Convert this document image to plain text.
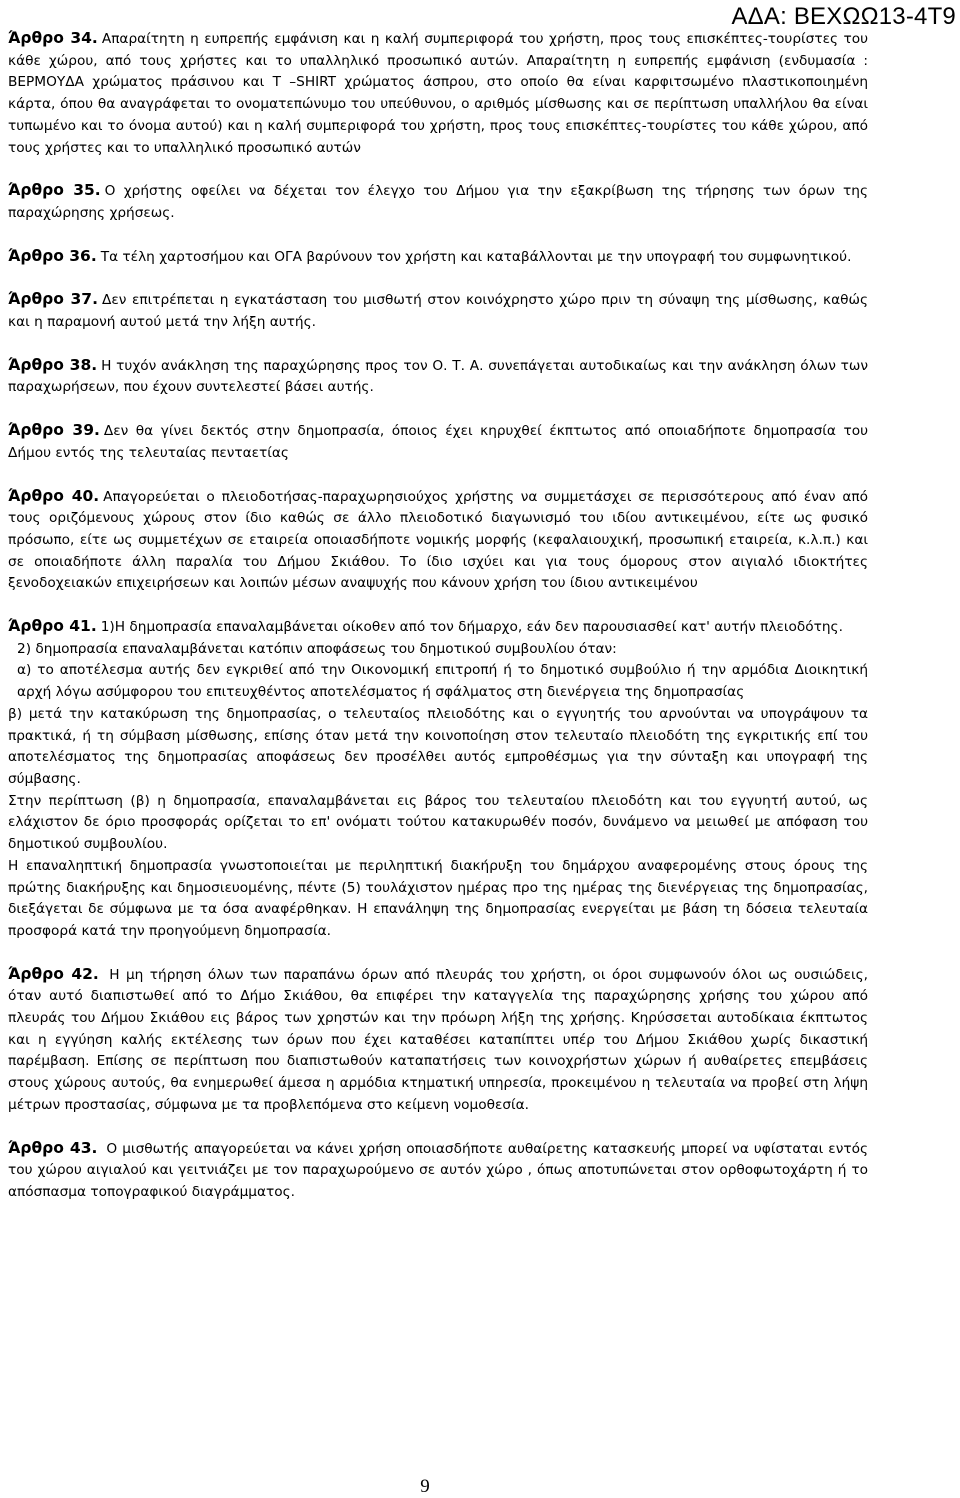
ΑΔΑ: ΒΕΧΩΩ13-4Τ9

Άρθρο 34. Απαραίτητη η ευπρεπής εμφάνιση και η καλή συμπεριφορά του χρήστη, προς τους επισκέπτες-τουρίστες του κάθε χώρου, από τους χρήστες και το υπαλληλικό προσωπικό αυτών. Απαραίτητη η ευπρεπής εμφάνιση (ενδυμασία : ΒΕΡΜΟΥΔΑ χρώματος πράσινου και Τ –SHIRT χρώματος άσπρου, στο οποίο θα είναι καρφιτσωμένο πλαστικοποιημένη κάρτα, όπου θα αναγράφεται το ονοματεπώνυμο του υπεύθυνου, ο αριθμός μίσθωσης και σε περίπτωση υπαλλήλου θα είναι τυπωμένο και το όνομα αυτού) και η καλή συμπεριφορά του χρήστη, προς τους επισκέπτες-τουρίστες του κάθε χώρου, από τους χρήστες και το υπαλληλικό προσωπικό αυτών

Άρθρο 35. Ο χρήστης οφείλει να δέχεται τον έλεγχο του Δήμου για την εξακρίβωση της τήρησης των όρων της παραχώρησης χρήσεως.

Άρθρο 36. Τα τέλη χαρτοσήμου και ΟΓΑ βαρύνουν τον χρήστη και καταβάλλονται με την υπογραφή του συμφωνητικού.

Άρθρο 37. Δεν επιτρέπεται η εγκατάσταση του μισθωτή στον κοινόχρηστο χώρο πριν τη σύναψη της μίσθωσης, καθώς και η παραμονή αυτού μετά την λήξη αυτής.

Άρθρο 38. Η τυχόν ανάκληση της παραχώρησης προς τον Ο. Τ. Α. συνεπάγεται αυτοδικαίως και την ανάκληση όλων των παραχωρήσεων, που έχουν συντελεστεί βάσει αυτής.

Άρθρο 39. Δεν θα γίνει δεκτός στην δημοπρασία, όποιος έχει κηρυχθεί έκπτωτος από οποιαδήποτε δημοπρασία του Δήμου εντός της τελευταίας πενταετίας

Άρθρο 40. Απαγορεύεται ο πλειοδοτήσας-παραχωρησιούχος χρήστης να συμμετάσχει σε περισσότερους από έναν από τους οριζόμενους χώρους στον ίδιο καθώς σε άλλο πλειοδοτικό διαγωνισμό του ιδίου αντικειμένου, είτε ως φυσικό πρόσωπο, είτε ως συμμετέχων σε εταιρεία οποιασδήποτε νομικής μορφής (κεφαλαιουχική, προσωπική εταιρεία, κ.λ.π.) και σε οποιαδήποτε άλλη παραλία του Δήμου Σκιάθου. Το ίδιο ισχύει και για τους όμορους στον αιγιαλό ιδιοκτήτες ξενοδοχειακών επιχειρήσεων και λοιπών μέσων αναψυχής που κάνουν χρήση του ίδιου αντικειμένου

Άρθρο 41. 1)Η δημοπρασία επαναλαμβάνεται οίκοθεν από τον δήμαρχο, εάν δεν παρουσιασθεί κατ' αυτήν πλειοδότης.

2) δημοπρασία επαναλαμβάνεται κατόπιν αποφάσεως του δημοτικού συμβουλίου όταν:

α) το αποτέλεσμα αυτής δεν εγκριθεί από την Οικονομική επιτροπή ή το δημοτικό συμβούλιο ή την αρμόδια Διοικητική αρχή λόγω ασύμφορου του επιτευχθέντος αποτελέσματος ή σφάλματος στη διενέργεια της δημοπρασίας

β) μετά την κατακύρωση της δημοπρασίας, ο τελευταίος πλειοδότης και ο εγγυητής του αρνούνται να υπογράψουν τα πρακτικά, ή τη σύμβαση μίσθωσης, επίσης όταν μετά την κοινοποίηση στον τελευταίο πλειοδότη της εγκριτικής επί του αποτελέσματος της δημοπρασίας αποφάσεως δεν προσέλθει αυτός εμπροθέσμως για την σύνταξη και υπογραφή της σύμβασης.

Στην περίπτωση (β) η δημοπρασία, επαναλαμβάνεται εις βάρος του τελευταίου πλειοδότη και του εγγυητή αυτού, ως ελάχιστον δε όριο προσφοράς ορίζεται το επ' ονόματι τούτου κατακυρωθέν ποσόν, δυνάμενο να μειωθεί με απόφαση του δημοτικού συμβουλίου.

Η επαναληπτική δημοπρασία γνωστοποιείται με περιληπτική διακήρυξη του δημάρχου αναφερομένης στους όρους της πρώτης διακήρυξης και δημοσιευομένης, πέντε (5) τουλάχιστον ημέρας προ της ημέρας της διενέργειας της δημοπρασίας, διεξάγεται δε σύμφωνα με τα όσα αναφέρθηκαν. Η επανάληψη της δημοπρασίας ενεργείται με βάση τη δόσεια τελευταία προσφορά κατά την προηγούμενη δημοπρασία.

Άρθρο 42. Η μη τήρηση όλων των παραπάνω όρων από πλευράς του χρήστη, οι όροι συμφωνούν όλοι ως ουσιώδεις, όταν αυτό διαπιστωθεί από το Δήμο Σκιάθου, θα επιφέρει την καταγγελία της παραχώρησης χρήσης του χώρου από πλευράς του Δήμου Σκιάθου εις βάρος των χρηστών και την πρόωρη λήξη της χρήσης. Κηρύσσεται αυτοδίκαια έκπτωτος και η εγγύηση καλής εκτέλεσης των όρων που έχει καταθέσει καταπίπτει υπέρ του Δήμου Σκιάθου χωρίς δικαστική παρέμβαση. Επίσης σε περίπτωση που διαπιστωθούν καταπατήσεις των κοινοχρήστων χώρων ή αυθαίρετες επεμβάσεις στους χώρους αυτούς, θα ενημερωθεί άμεσα η αρμόδια κτηματική υπηρεσία, προκειμένου η τελευταία να προβεί στη λήψη μέτρων προστασίας, σύμφωνα με τα προβλεπόμενα στο κείμενη νομοθεσία.

Άρθρο 43. Ο μισθωτής απαγορεύεται να κάνει χρήση οποιασδήποτε αυθαίρετης κατασκευής μπορεί να υφίσταται εντός του χώρου αιγιαλού και γειτνιάζει με τον παραχωρούμενο σε αυτόν χώρο , όπως αποτυπώνεται στον ορθοφωτοχάρτη ή το απόσπασμα τοπογραφικού διαγράμματος.

9
